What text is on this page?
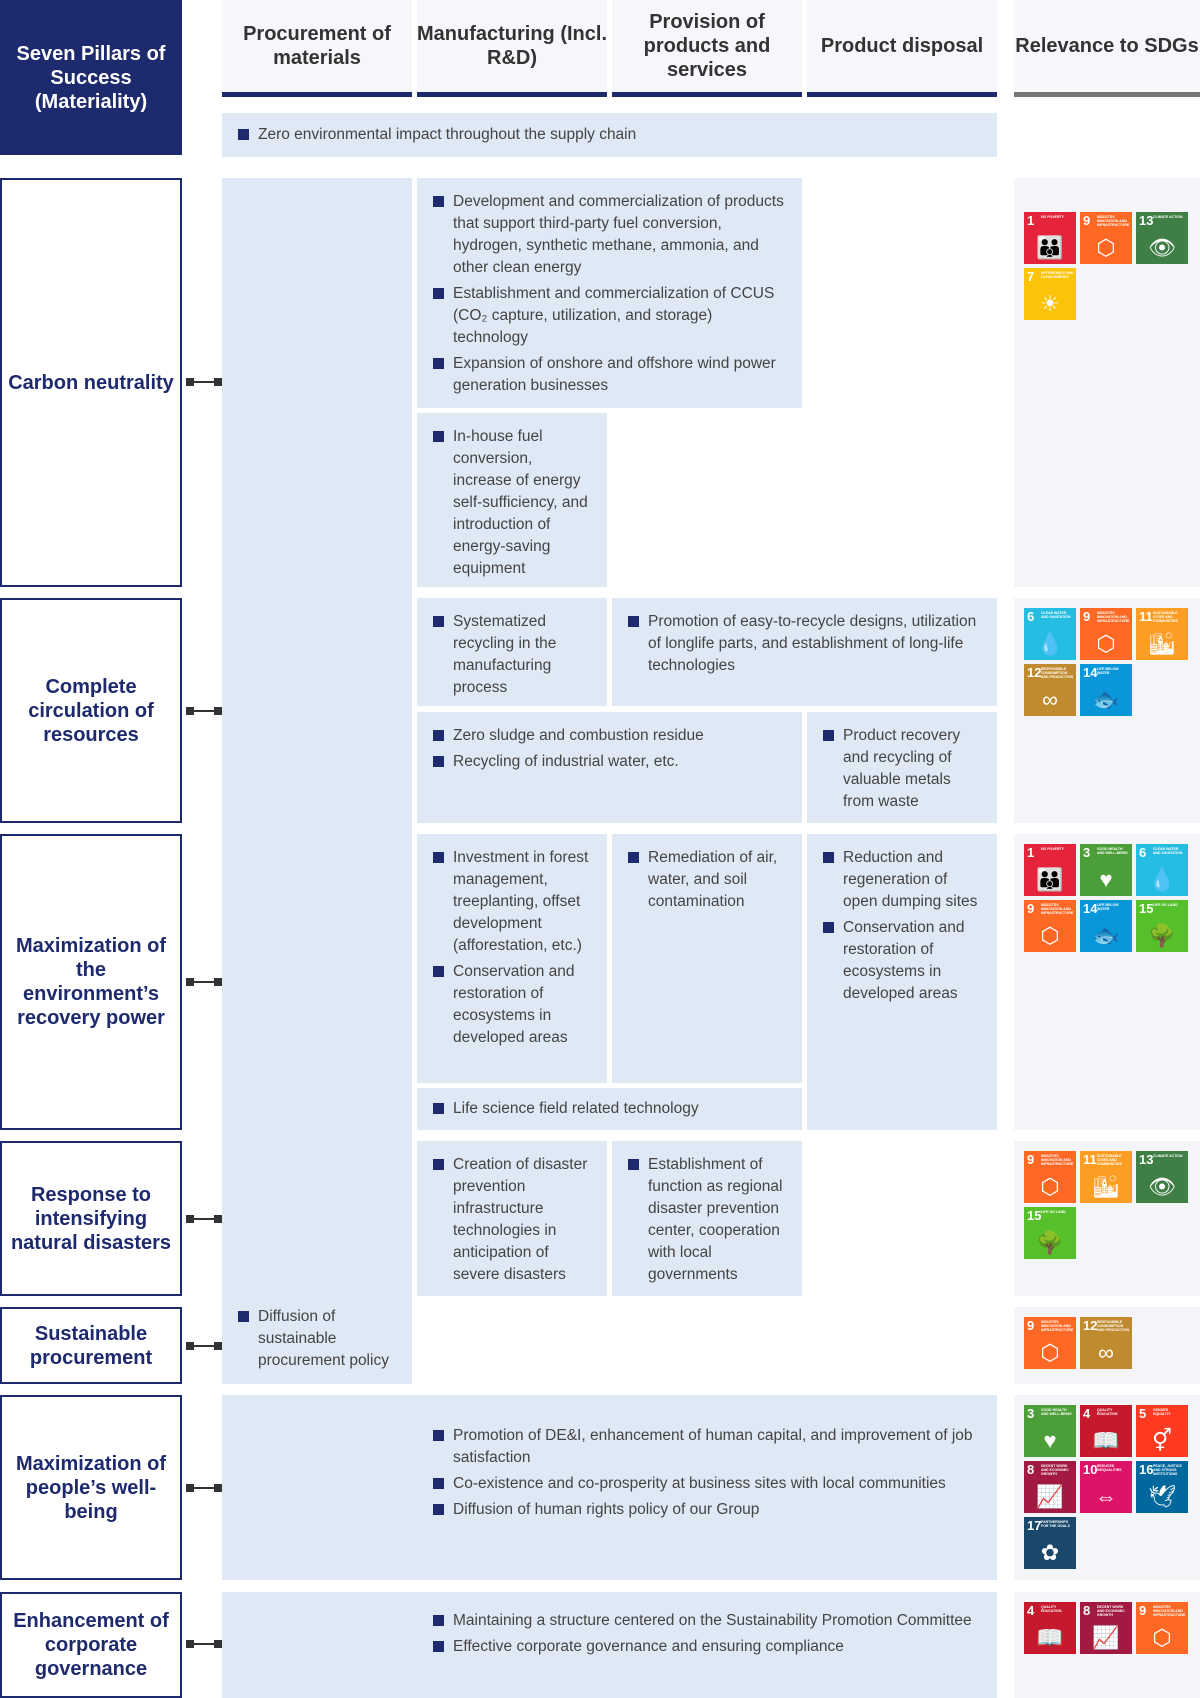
Seven Pillars of Success (Materiality)
Procurement of materials
Manufacturing (Incl. R&D)
Provision of products and services
Product disposal	Relevance to SDGs
Zero environmental impact throughout the supply chain
Diffusion of sustainable procurement policy
Carbon neutrality
Development and commercialization of products that support third-party fuel conversion, hydrogen, synthetic methane, ammonia, and other clean energy
Establishment and commercialization of CCUS (CO₂ capture, utilization, and storage) technology
Expansion of onshore and offshore wind power generation businesses
In-house fuel conversion, increase of energy self-sufficiency, and introduction of energy-saving equipment
1 NO POVERTY
👪
9 INDUSTRY, INNOVATION AND INFRASTRUCTURE
⬡
13 CLIMATE ACTION
👁
7 AFFORDABLE AND CLEAN ENERGY
☀
Complete circulation of resources
Systematized recycling in the manufacturing process
Promotion of easy-to-recycle designs, utilization of longlife parts, and establishment of long-life technologies
Zero sludge and combustion residue
Recycling of industrial water, etc.
Product recovery and recycling of valuable metals from waste
6 CLEAN WATER AND SANITATION
💧
9 INDUSTRY, INNOVATION AND INFRASTRUCTURE
⬡
11 SUSTAINABLE CITIES AND COMMUNITIES
🏙
12 RESPONSIBLE CONSUMPTION AND PRODUCTION
∞
14 LIFE BELOW WATER
🐟
Maximization of the environment’s recovery power
Investment in forest management, treeplanting, offset development (afforestation, etc.)
Conservation and restoration of ecosystems in developed areas
Remediation of air, water, and soil contamination
Reduction and regeneration of open dumping sites
Conservation and restoration of ecosystems in developed areas
Life science field related technology
1 NO POVERTY
👪
3 GOOD HEALTH AND WELL-BEING
♥
6 CLEAN WATER AND SANITATION
💧
9 INDUSTRY, INNOVATION AND INFRASTRUCTURE
⬡
14 LIFE BELOW WATER
🐟
15 LIFE ON LAND
🌳
Response to intensifying natural disasters
Creation of disaster prevention infrastructure technologies in anticipation of severe disasters
Establishment of function as regional disaster prevention center, cooperation with local governments
9 INDUSTRY, INNOVATION AND INFRASTRUCTURE
⬡
11 SUSTAINABLE CITIES AND COMMUNITIES
🏙
13 CLIMATE ACTION
👁
15 LIFE ON LAND
🌳
Sustainable procurement
9 INDUSTRY, INNOVATION AND INFRASTRUCTURE
⬡
12 RESPONSIBLE CONSUMPTION AND PRODUCTION
∞
Maximization of people’s well-being
Promotion of DE&I, enhancement of human capital, and improvement of job satisfaction
Co-existence and co-prosperity at business sites with local communities
Diffusion of human rights policy of our Group
3 GOOD HEALTH AND WELL-BEING
♥
4 QUALITY EDUCATION
📖
5 GENDER EQUALITY
⚥
8 DECENT WORK AND ECONOMIC GROWTH
📈
10 REDUCED INEQUALITIES
⇔
16 PEACE, JUSTICE AND STRONG INSTITUTIONS
🕊
17 PARTNERSHIPS FOR THE GOALS
✿
Enhancement of corporate governance
Maintaining a structure centered on the Sustainability Promotion Committee
Effective corporate governance and ensuring compliance
4 QUALITY EDUCATION
📖
8 DECENT WORK AND ECONOMIC GROWTH
📈
9 INDUSTRY, INNOVATION AND INFRASTRUCTURE
⬡
